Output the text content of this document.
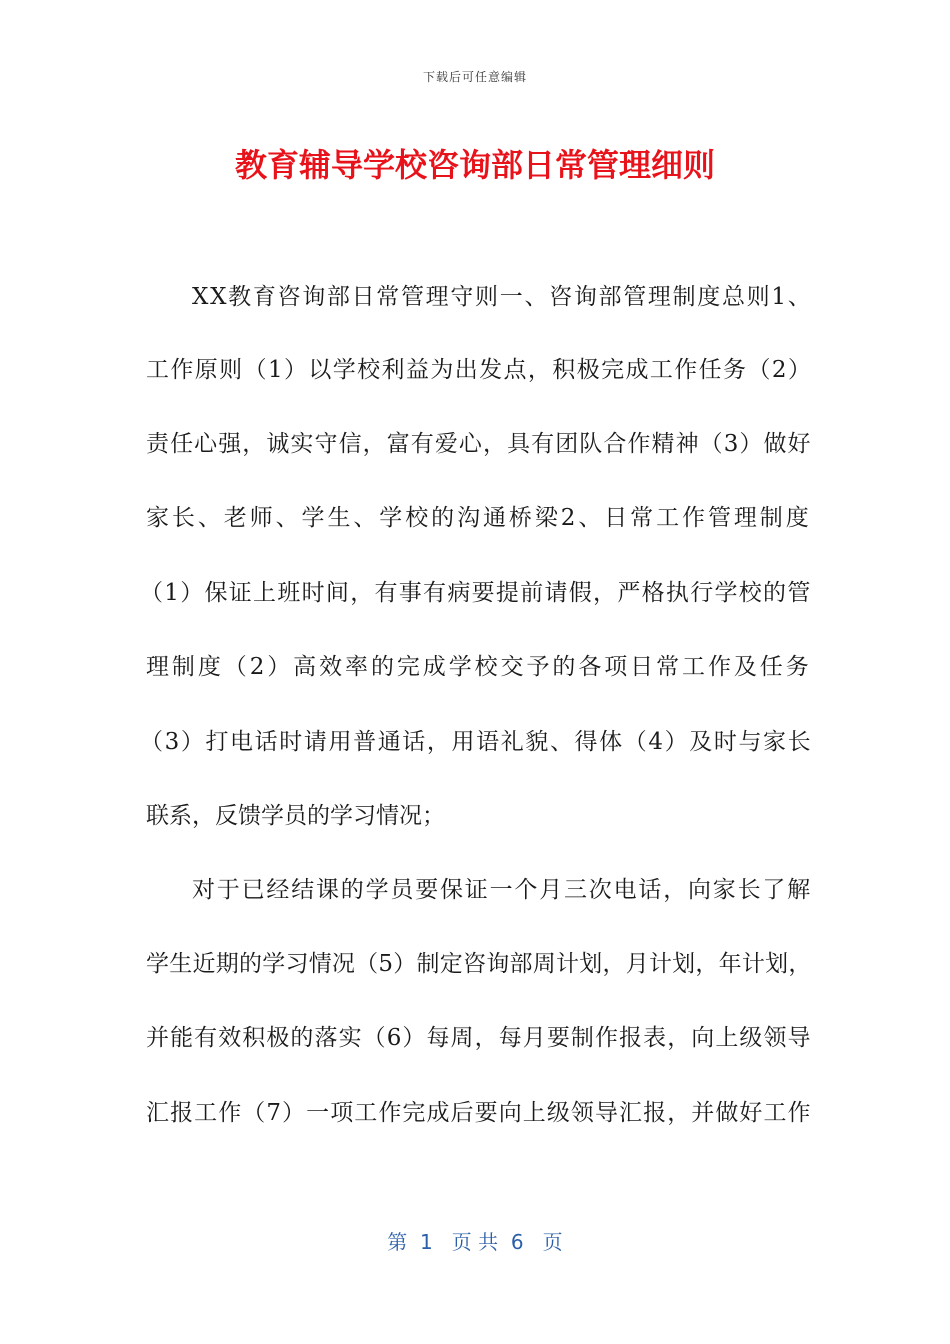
下载后可任意编辑
教育辅导学校咨询部日常管理细则
XX教育咨询部日常管理守则一、咨询部管理制度总则1、
工作原则（1）以学校利益为出发点，积极完成工作任务（2）
责任心强，诚实守信，富有爱心，具有团队合作精神（3）做好
家长、老师、学生、学校的沟通桥梁2、日常工作管理制度
（1）保证上班时间，有事有病要提前请假，严格执行学校的管
理制度（2）高效率的完成学校交予的各项日常工作及任务
（3）打电话时请用普通话，用语礼貌、得体（4）及时与家长
联系，反馈学员的学习情况；
对于已经结课的学员要保证一个月三次电话，向家长了解
学生近期的学习情况（5）制定咨询部周计划，月计划，年计划，
并能有效积极的落实（6）每周，每月要制作报表，向上级领导
汇报工作（7）一项工作完成后要向上级领导汇报，并做好工作
第  1   页 共  6   页
